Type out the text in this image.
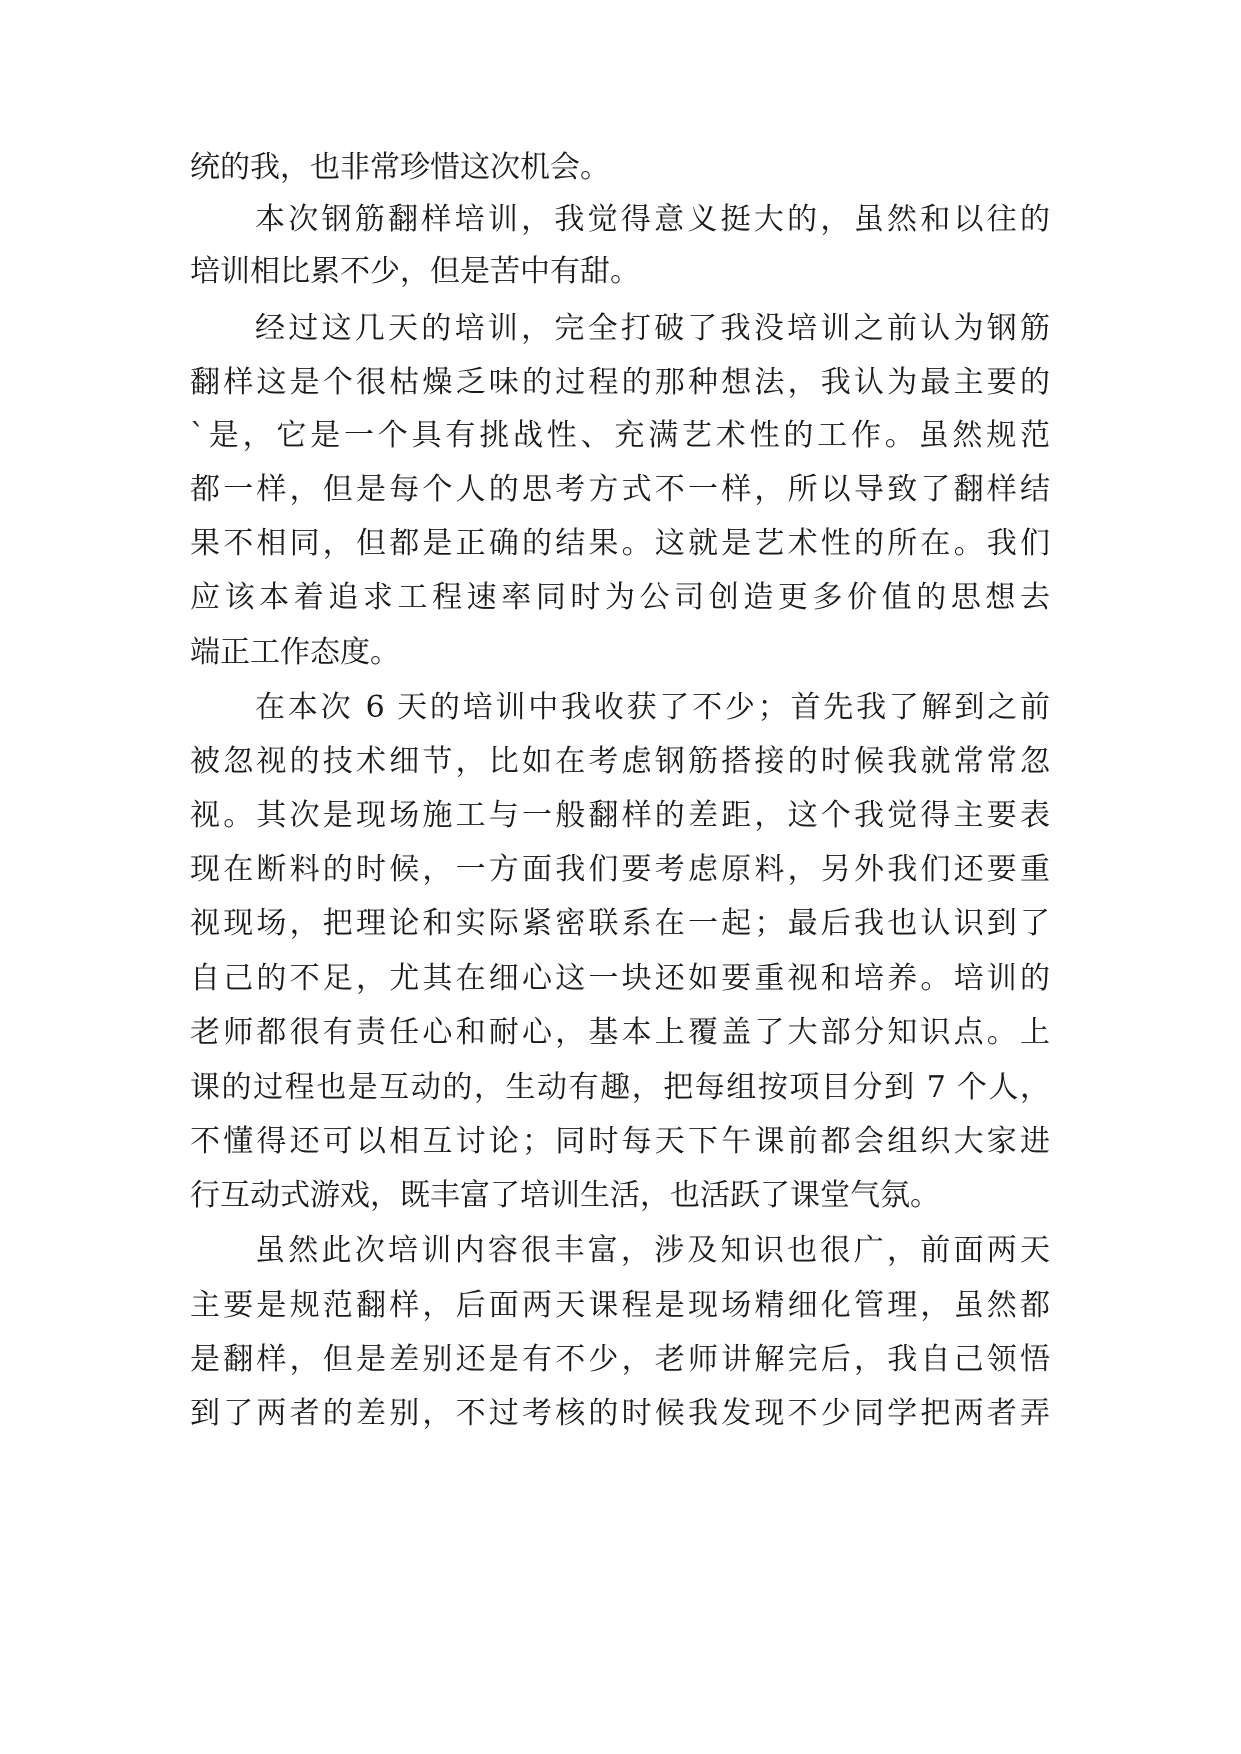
统的我，也非常珍惜这次机会。
本次钢筋翻样培训，我觉得意义挺大的，虽然和以往的
培训相比累不少，但是苦中有甜。
经过这几天的培训，完全打破了我没培训之前认为钢筋
翻样这是个很枯燥乏味的过程的那种想法，我认为最主要的
`是，它是一个具有挑战性、充满艺术性的工作。虽然规范
都一样，但是每个人的思考方式不一样，所以导致了翻样结
果不相同，但都是正确的结果。这就是艺术性的所在。我们
应该本着追求工程速率同时为公司创造更多价值的思想去
端正工作态度。
在本次 6 天的培训中我收获了不少；首先我了解到之前
被忽视的技术细节，比如在考虑钢筋搭接的时候我就常常忽
视。其次是现场施工与一般翻样的差距，这个我觉得主要表
现在断料的时候，一方面我们要考虑原料，另外我们还要重
视现场，把理论和实际紧密联系在一起；最后我也认识到了
自己的不足，尤其在细心这一块还如要重视和培养。培训的
老师都很有责任心和耐心，基本上覆盖了大部分知识点。上
课的过程也是互动的，生动有趣，把每组按项目分到 7 个人，
不懂得还可以相互讨论；同时每天下午课前都会组织大家进
行互动式游戏，既丰富了培训生活，也活跃了课堂气氛。
虽然此次培训内容很丰富，涉及知识也很广，前面两天
主要是规范翻样，后面两天课程是现场精细化管理，虽然都
是翻样，但是差别还是有不少，老师讲解完后，我自己领悟
到了两者的差别，不过考核的时候我发现不少同学把两者弄
